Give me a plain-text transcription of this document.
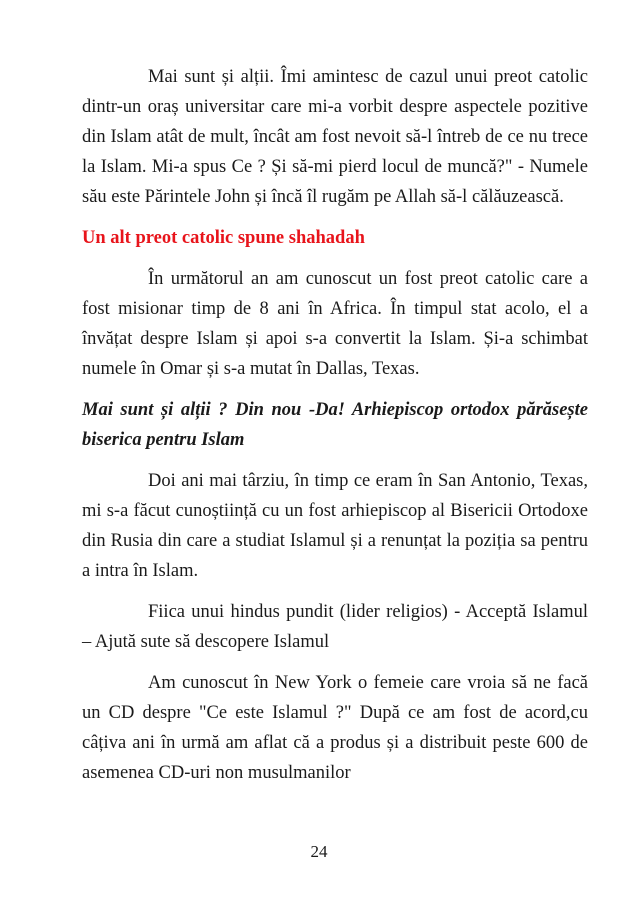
Mai sunt și alții. Îmi amintesc de cazul unui preot catolic dintr-un oraș universitar care mi-a vorbit despre aspectele pozitive din Islam atât de mult, încât am fost nevoit să-l întreb de ce nu trece la Islam. Mi-a spus Ce ? Și să-mi pierd locul de muncă?" - Numele său este Părintele John și încă îl rugăm pe Allah să-l călăuzească.

Un alt preot catolic spune shahadah

În următorul an am cunoscut un fost preot catolic care a fost misionar timp de 8 ani în Africa. În timpul stat acolo, el a învățat despre Islam și apoi s-a convertit la Islam. Și-a schimbat numele în Omar și s-a mutat în Dallas, Texas.

Mai sunt și alții ? Din nou -Da! Arhiepiscop ortodox părăsește biserica pentru Islam

Doi ani mai târziu, în timp ce eram în San Antonio, Texas, mi s-a făcut cunoștiință cu un fost arhiepiscop al Bisericii Ortodoxe din Rusia din care a studiat Islamul și a renunțat la poziția sa pentru a intra în Islam.

Fiica unui hindus pundit (lider religios) - Acceptă Islamul – Ajută sute să descopere Islamul

Am cunoscut în New York o femeie care vroia să ne facă un CD despre "Ce este Islamul ?" După ce am fost de acord,cu câțiva ani în urmă am aflat că a produs și a distribuit peste 600 de asemenea CD-uri non musulmanilor

24
